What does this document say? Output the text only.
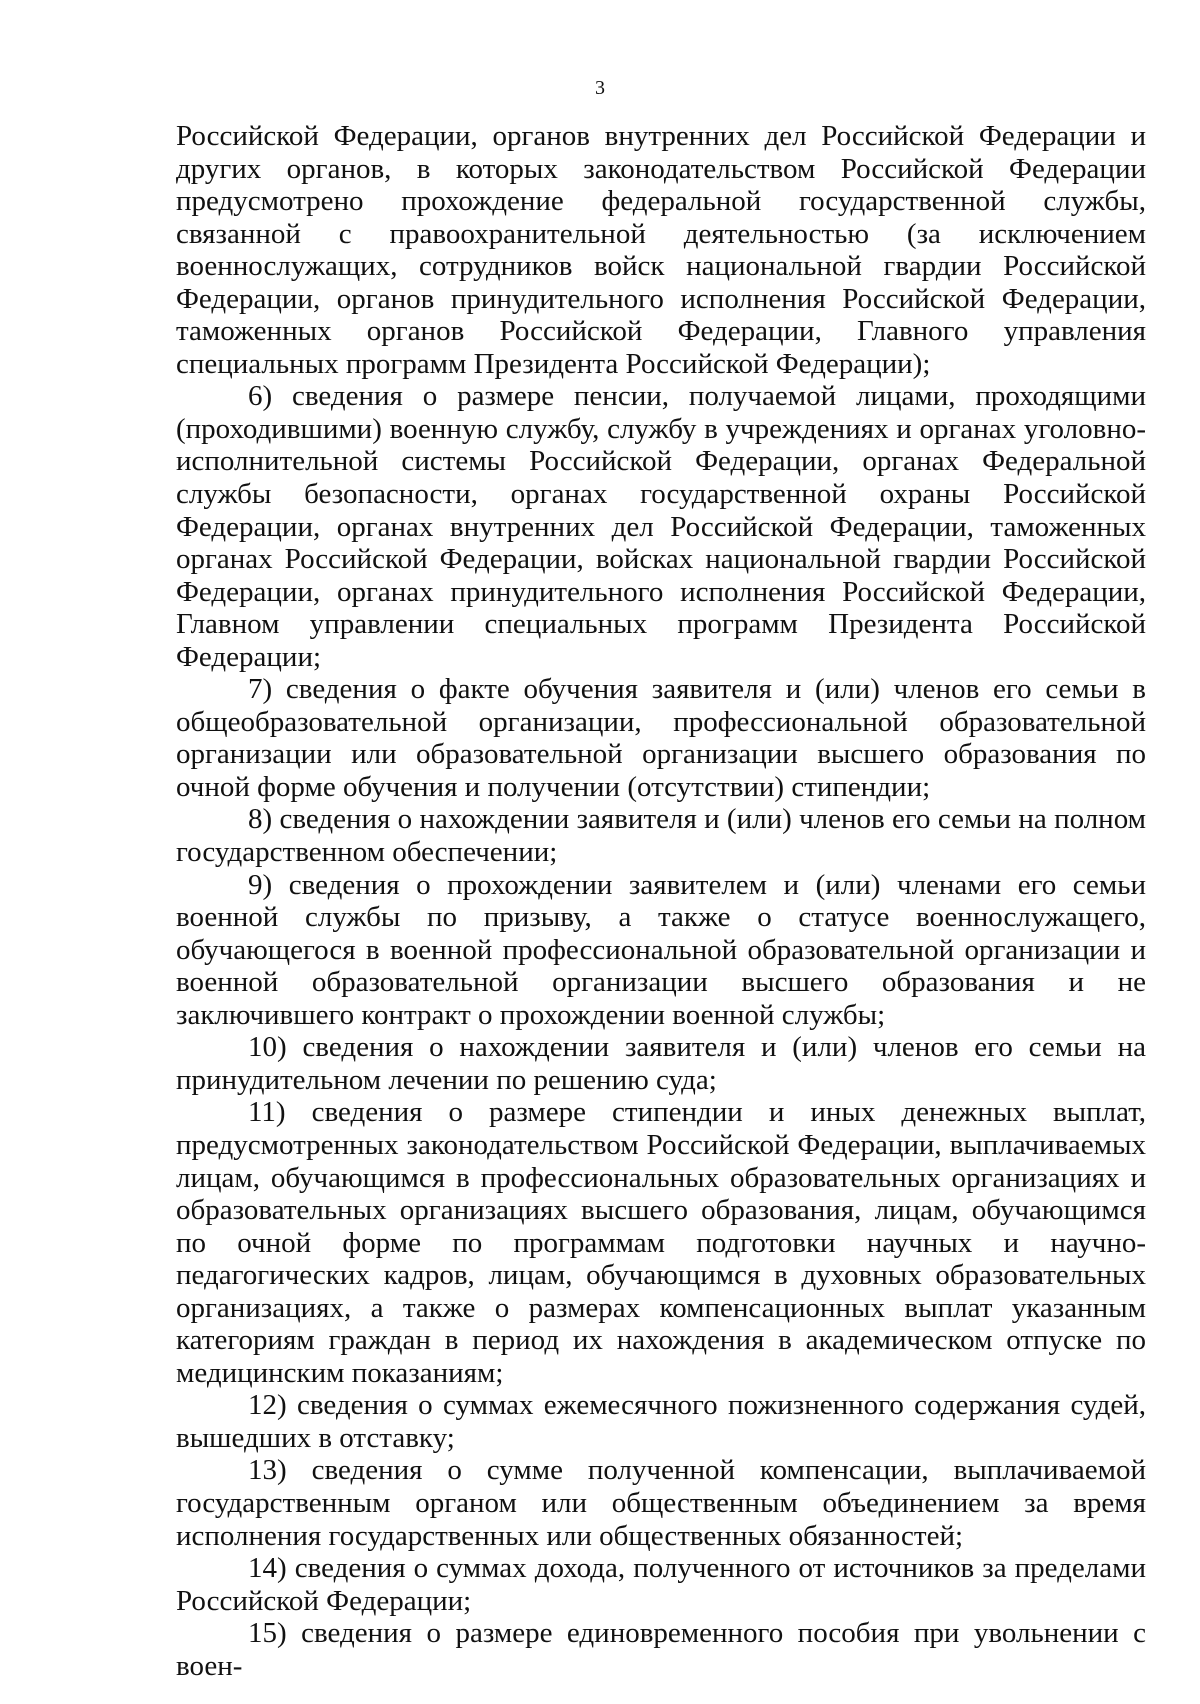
3

Российской Федерации, органов внутренних дел Российской Федерации и других органов, в которых законодательством Российской Федерации предусмотрено прохождение федеральной государственной службы, связанной с правоохранительной деятельностью (за исключением военнослужащих, сотрудников войск национальной гвардии Российской Федерации, органов принудительного исполнения Российской Федерации, таможенных органов Российской Федерации, Главного управления специальных программ Президента Российской Федерации);

6) сведения о размере пенсии, получаемой лицами, проходящими (проходившими) военную службу, службу в учреждениях и органах уголовно-исполнительной системы Российской Федерации, органах Федеральной службы безопасности, органах государственной охраны Российской Федерации, органах внутренних дел Российской Федерации, таможенных органах Российской Федерации, войсках национальной гвардии Российской Федерации, органах принудительного исполнения Российской Федерации, Главном управлении специальных программ Президента Российской Федерации;

7) сведения о факте обучения заявителя и (или) членов его семьи в общеобразовательной организации, профессиональной образовательной организации или образовательной организации высшего образования по очной форме обучения и получении (отсутствии) стипендии;

8) сведения о нахождении заявителя и (или) членов его семьи на полном государственном обеспечении;

9) сведения о прохождении заявителем и (или) членами его семьи военной службы по призыву, а также о статусе военнослужащего, обучающегося в военной профессиональной образовательной организации и военной образовательной организации высшего образования и не заключившего контракт о прохождении военной службы;

10) сведения о нахождении заявителя и (или) членов его семьи на принудительном лечении по решению суда;

11) сведения о размере стипендии и иных денежных выплат, предусмотренных законодательством Российской Федерации, выплачиваемых лицам, обучающимся в профессиональных образовательных организациях и образовательных организациях высшего образования, лицам, обучающимся по очной форме по программам подготовки научных и научно-педагогических кадров, лицам, обучающимся в духовных образовательных организациях, а также о размерах компенсационных выплат указанным категориям граждан в период их нахождения в академическом отпуске по медицинским показаниям;

12) сведения о суммах ежемесячного пожизненного содержания судей, вышедших в отставку;

13) сведения о сумме полученной компенсации, выплачиваемой государственным органом или общественным объединением за время исполнения государственных или общественных обязанностей;

14) сведения о суммах дохода, полученного от источников за пределами Российской Федерации;

15) сведения о размере единовременного пособия при увольнении с воен-
